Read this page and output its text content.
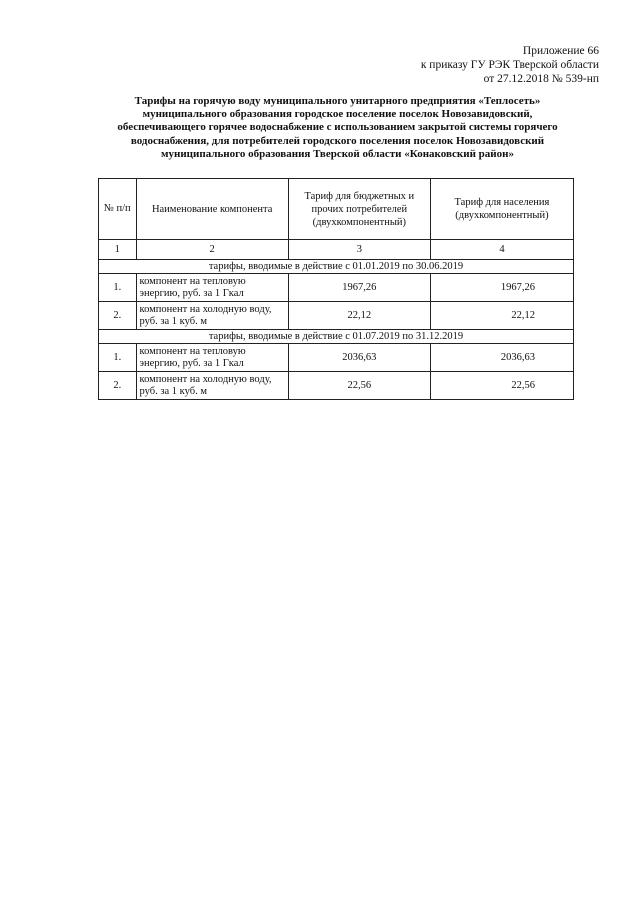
Приложение 66
к приказу ГУ РЭК Тверской области
от 27.12.2018 № 539-нп
Тарифы на горячую воду муниципального унитарного предприятия «Теплосеть»
муниципального образования городское поселение поселок Новозавидовский,
обеспечивающего горячее водоснабжение с использованием закрытой системы горячего
водоснабжения, для потребителей городского поселения поселок Новозавидовский
муниципального образования Тверской области «Конаковский район»
№ п/п	Наименование компонента	Тариф для бюджетных и прочих потребителей (двухкомпонентный)	Тариф для населения (двухкомпонентный)
1	2	3	4
тарифы, вводимые в действие с 01.01.2019 по 30.06.2019			
1.	компонент на тепловую энергию, руб. за 1 Гкал	1967,26	1967,26
2.	компонент на холодную воду, руб. за 1 куб. м	22,12	22,12
тарифы, вводимые в действие с 01.07.2019 по 31.12.2019			
1.	компонент на тепловую энергию, руб. за 1 Гкал	2036,63	2036,63
2.	компонент на холодную воду, руб. за 1 куб. м	22,56	22,56
